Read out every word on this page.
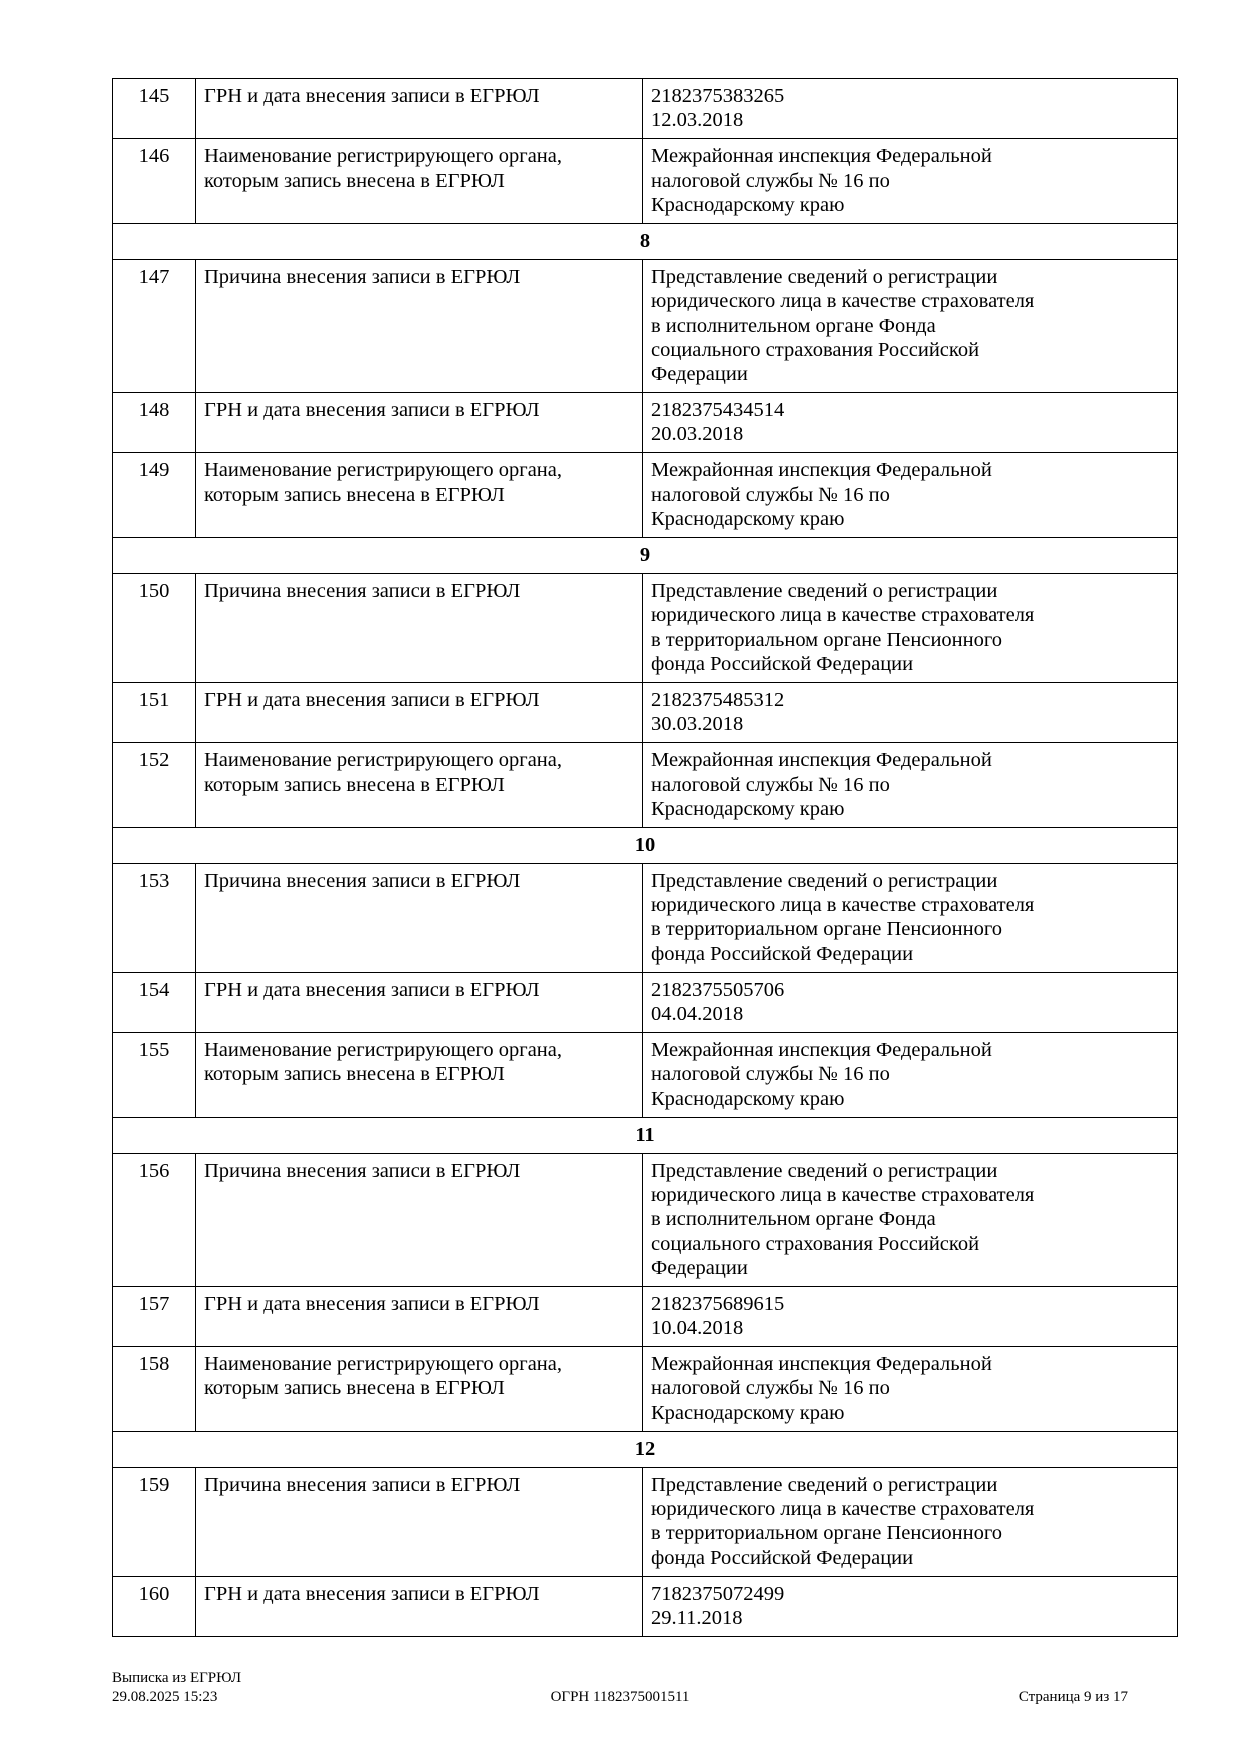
145	ГРН и дата внесения записи в ЕГРЮЛ	2182375383265
12.03.2018

146	Наименование регистрирующего органа, которым запись внесена в ЕГРЮЛ	Межрайонная инспекция Федеральной
налоговой службы № 16 по
Краснодарскому краю

8		
147	Причина внесения записи в ЕГРЮЛ	Представление сведений о регистрации
юридического лица в качестве страхователя
в исполнительном органе Фонда
социального страхования Российской
Федерации

148	ГРН и дата внесения записи в ЕГРЮЛ	2182375434514
20.03.2018

149	Наименование регистрирующего органа, которым запись внесена в ЕГРЮЛ	Межрайонная инспекция Федеральной
налоговой службы № 16 по
Краснодарскому краю

9		
150	Причина внесения записи в ЕГРЮЛ	Представление сведений о регистрации
юридического лица в качестве страхователя
в территориальном органе Пенсионного
фонда Российской Федерации

151	ГРН и дата внесения записи в ЕГРЮЛ	2182375485312
30.03.2018

152	Наименование регистрирующего органа, которым запись внесена в ЕГРЮЛ	Межрайонная инспекция Федеральной
налоговой службы № 16 по
Краснодарскому краю

10		
153	Причина внесения записи в ЕГРЮЛ	Представление сведений о регистрации
юридического лица в качестве страхователя
в территориальном органе Пенсионного
фонда Российской Федерации

154	ГРН и дата внесения записи в ЕГРЮЛ	2182375505706
04.04.2018

155	Наименование регистрирующего органа, которым запись внесена в ЕГРЮЛ	Межрайонная инспекция Федеральной
налоговой службы № 16 по
Краснодарскому краю

11		
156	Причина внесения записи в ЕГРЮЛ	Представление сведений о регистрации
юридического лица в качестве страхователя
в исполнительном органе Фонда
социального страхования Российской
Федерации

157	ГРН и дата внесения записи в ЕГРЮЛ	2182375689615
10.04.2018

158	Наименование регистрирующего органа, которым запись внесена в ЕГРЮЛ	Межрайонная инспекция Федеральной
налоговой службы № 16 по
Краснодарскому краю

12		
159	Причина внесения записи в ЕГРЮЛ	Представление сведений о регистрации
юридического лица в качестве страхователя
в территориальном органе Пенсионного
фонда Российской Федерации

160	ГРН и дата внесения записи в ЕГРЮЛ	7182375072499
29.11.2018
Выписка из ЕГРЮЛ
29.08.2025 15:23	ОГРН 1182375001511	Страница 9 из 17
